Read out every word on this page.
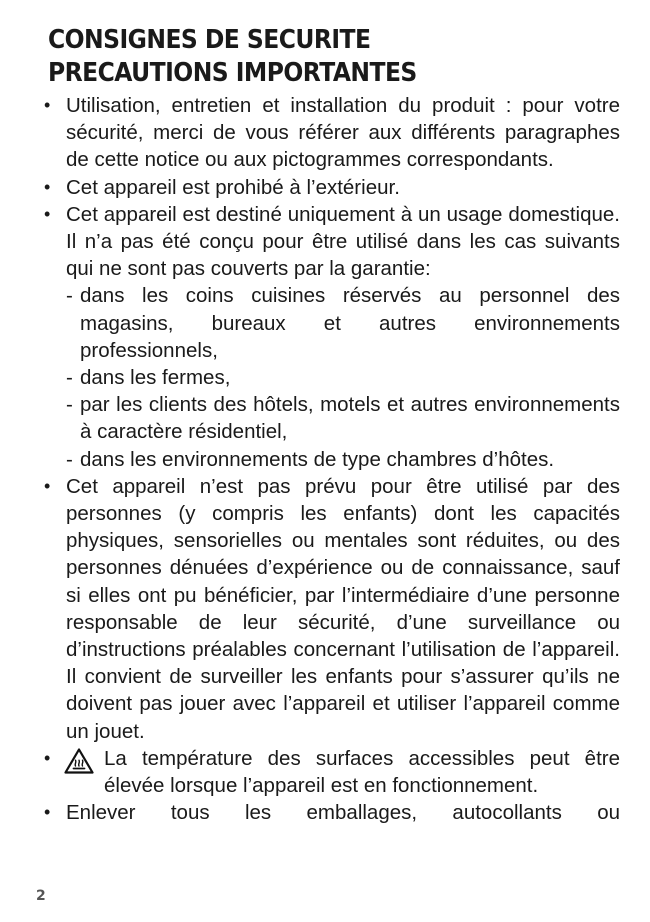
CONSIGNES DE SECURITE
PRECAUTIONS IMPORTANTES
• Utilisation, entretien et installation du produit : pour votre sécurité, merci de vous référer aux différents paragraphes de cette notice ou aux pictogrammes correspondants.
• Cet appareil est prohibé à l’extérieur.
• Cet appareil est destiné uniquement à un usage domestique. Il n’a pas été conçu pour être utilisé dans les cas suivants qui ne sont pas couverts par la garantie:
- dans les coins cuisines réservés au personnel des magasins, bureaux et autres environnements professionnels,
- dans les fermes,
- par les clients des hôtels, motels et autres environnements à caractère résidentiel,
- dans les environnements de type chambres d’hôtes.
• Cet appareil n’est pas prévu pour être utilisé par des personnes (y compris les enfants) dont les capacités physiques, sensorielles ou mentales sont réduites, ou des personnes dénuées d’expérience ou de connaissance, sauf si elles ont pu bénéficier, par l’intermédiaire d’une personne responsable de leur sécurité, d’une surveillance ou d’instructions préalables concernant l’utilisation de l’appareil. Il convient de surveiller les enfants pour s’assurer qu’ils ne doivent pas jouer avec l’appareil et utiliser l’appareil comme un jouet.
•	La température des surfaces accessibles peut être élevée lorsque l’appareil est en fonctionnement.
• Enlever tous les emballages, autocollants ou
2
